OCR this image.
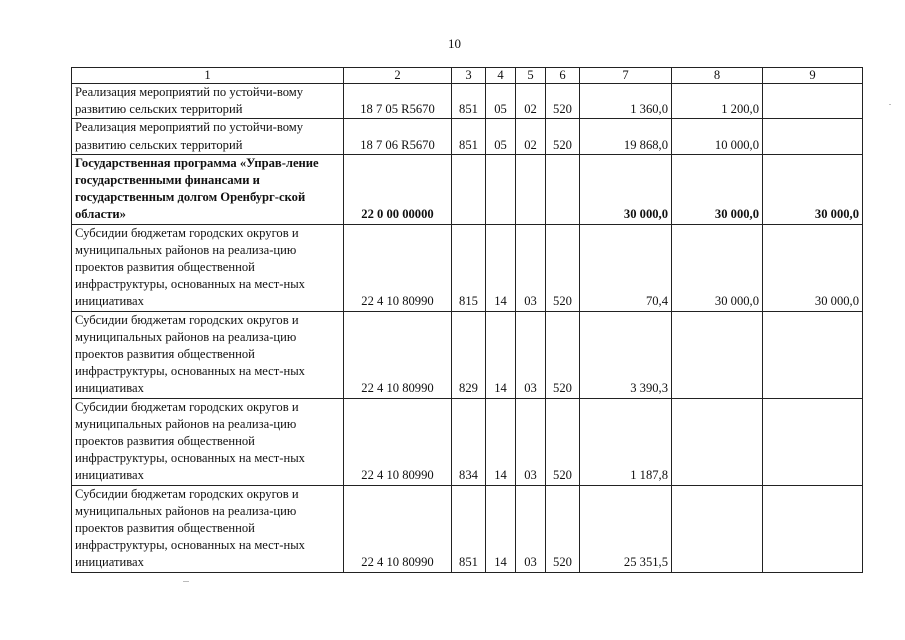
10
1	2	3	4	5	6	7	8	9
Реализация мероприятий по устойчи-вому развитию сельских территорий	18 7 05 R5670	851	05	02	520	1 360,0	1 200,0	
Реализация мероприятий по устойчи-вому развитию сельских территорий	18 7 06 R5670	851	05	02	520	19 868,0	10 000,0	
Государственная программа «Управ-ление государственными финансами и государственным долгом Оренбург-ской области»	22 0 00 00000					30 000,0	30 000,0	30 000,0
Субсидии бюджетам городских округов и муниципальных районов на реализа-цию проектов развития общественной инфраструктуры, основанных на мест-ных инициативах	22 4 10 80990	815	14	03	520	70,4	30 000,0	30 000,0
Субсидии бюджетам городских округов и муниципальных районов на реализа-цию проектов развития общественной инфраструктуры, основанных на мест-ных инициативах	22 4 10 80990	829	14	03	520	3 390,3		
Субсидии бюджетам городских округов и муниципальных районов на реализа-цию проектов развития общественной инфраструктуры, основанных на мест-ных инициативах	22 4 10 80990	834	14	03	520	1 187,8		
Субсидии бюджетам городских округов и муниципальных районов на реализа-цию проектов развития общественной инфраструктуры, основанных на мест-ных инициативах	22 4 10 80990	851	14	03	520	25 351,5		
